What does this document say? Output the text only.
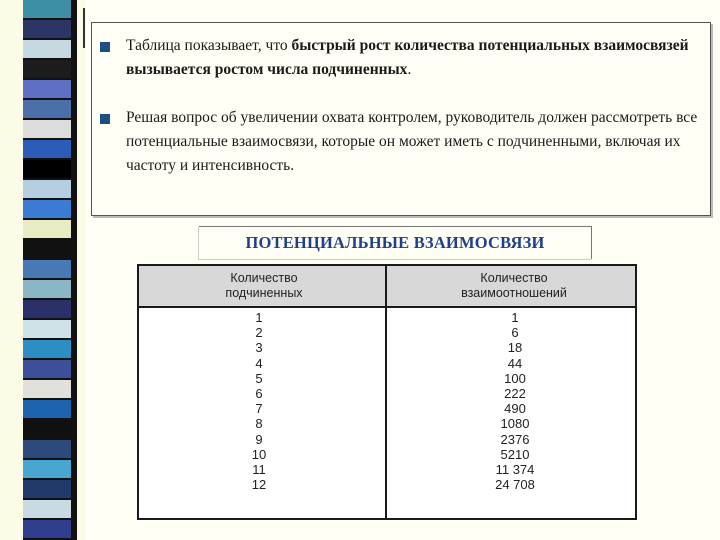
Таблица показывает, что быстрый рост количества потенциальных взаимосвязей вызывается ростом числа подчиненных.
Решая вопрос об увеличении охвата контролем, руководитель должен рассмотреть все потенциальные взаимосвязи, которые он может иметь с подчиненными, включая их частоту и интенсивность.
ПОТЕНЦИАЛЬНЫЕ ВЗАИМОСВЯЗИ
Количество
подчиненных
Количество
взаимоотношений
1
2
3
4
5
6
7
8
9
10
11
12
1
6
18
44
100
222
490
1080
2376
5210
11 374
24 708
